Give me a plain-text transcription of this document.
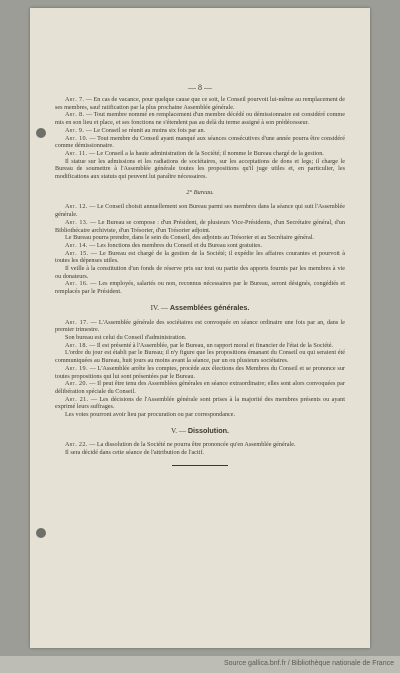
— 8 —

Art. 7. — En cas de vacance, pour quelque cause que ce soit, le Conseil pourvoit lui-même au remplacement de ses membres, sauf ratification par la plus prochaine Assemblée générale.

Art. 8. — Tout membre nommé en remplacement d'un membre décédé ou démissionnaire est considéré comme mis en son lieu et place, et ses fonctions ne s'étendent pas au delà du terme assigné à son prédécesseur.

Art. 9. — Le Conseil se réunit au moins six fois par an.

Art. 10. — Tout membre du Conseil ayant manqué aux séances consécutives d'une année pourra être considéré comme démissionnaire.

Art. 11. — Le Conseil a la haute administration de la Société; il nomme le Bureau chargé de la gestion.

Il statue sur les admissions et les radiations de sociétaires, sur les acceptations de dons et legs; il charge le Bureau de soumettre à l'Assemblée générale toutes les propositions qu'il juge utiles et, en particulier, les modifications aux statuts qui peuvent lui paraître nécessaires.

2° Bureau.

Art. 12. — Le Conseil choisit annuellement son Bureau parmi ses membres dans la séance qui suit l'Assemblée générale.

Art. 13. — Le Bureau se compose : d'un Président, de plusieurs Vice-Présidents, d'un Secrétaire général, d'un Bibliothécaire archiviste, d'un Trésorier, d'un Trésorier adjoint.

Le Bureau pourra prendre, dans le sein du Conseil, des adjoints au Trésorier et au Secrétaire général.

Art. 14. — Les fonctions des membres du Conseil et du Bureau sont gratuites.

Art. 15. — Le Bureau est chargé de la gestion de la Société; il expédie les affaires courantes et pourvoit à toutes les dépenses utiles.

Il veille à la constitution d'un fonds de réserve pris sur tout ou partie des apports fournis par les membres à vie ou donateurs.

Art. 16. — Les employés, salariés ou non, reconnus nécessaires par le Bureau, seront désignés, congédiés et remplacés par le Président.

IV. — Assemblées générales.

Art. 17. — L'Assemblée générale des sociétaires est convoquée en séance ordinaire une fois par an, dans le premier trimestre.

Son bureau est celui du Conseil d'administration.

Art. 18. — Il est présenté à l'Assemblée, par le Bureau, un rapport moral et financier de l'état de la Société.

L'ordre du jour est établi par le Bureau; il n'y figure que les propositions émanant du Conseil ou qui seraient été communiquées au Bureau, huit jours au moins avant la séance, par un ou plusieurs sociétaires.

Art. 19. — L'Assemblée arrête les comptes, procède aux élections des Membres du Conseil et se prononce sur toutes propositions qui lui sont présentées par le Bureau.

Art. 20. — Il peut être tenu des Assemblées générales en séance extraordinaire; elles sont alors convoquées par délibération spéciale du Conseil.

Art. 21. — Les décisions de l'Assemblée générale sont prises à la majorité des membres présents ou ayant exprimé leurs suffrages.

Les votes pourront avoir lieu par procuration ou par correspondance.

V. — Dissolution.

Art. 22. — La dissolution de la Société ne pourra être prononcée qu'en Assemblée générale.

Il sera décidé dans cette séance de l'attribution de l'actif.

Source gallica.bnf.fr / Bibliothèque nationale de France
